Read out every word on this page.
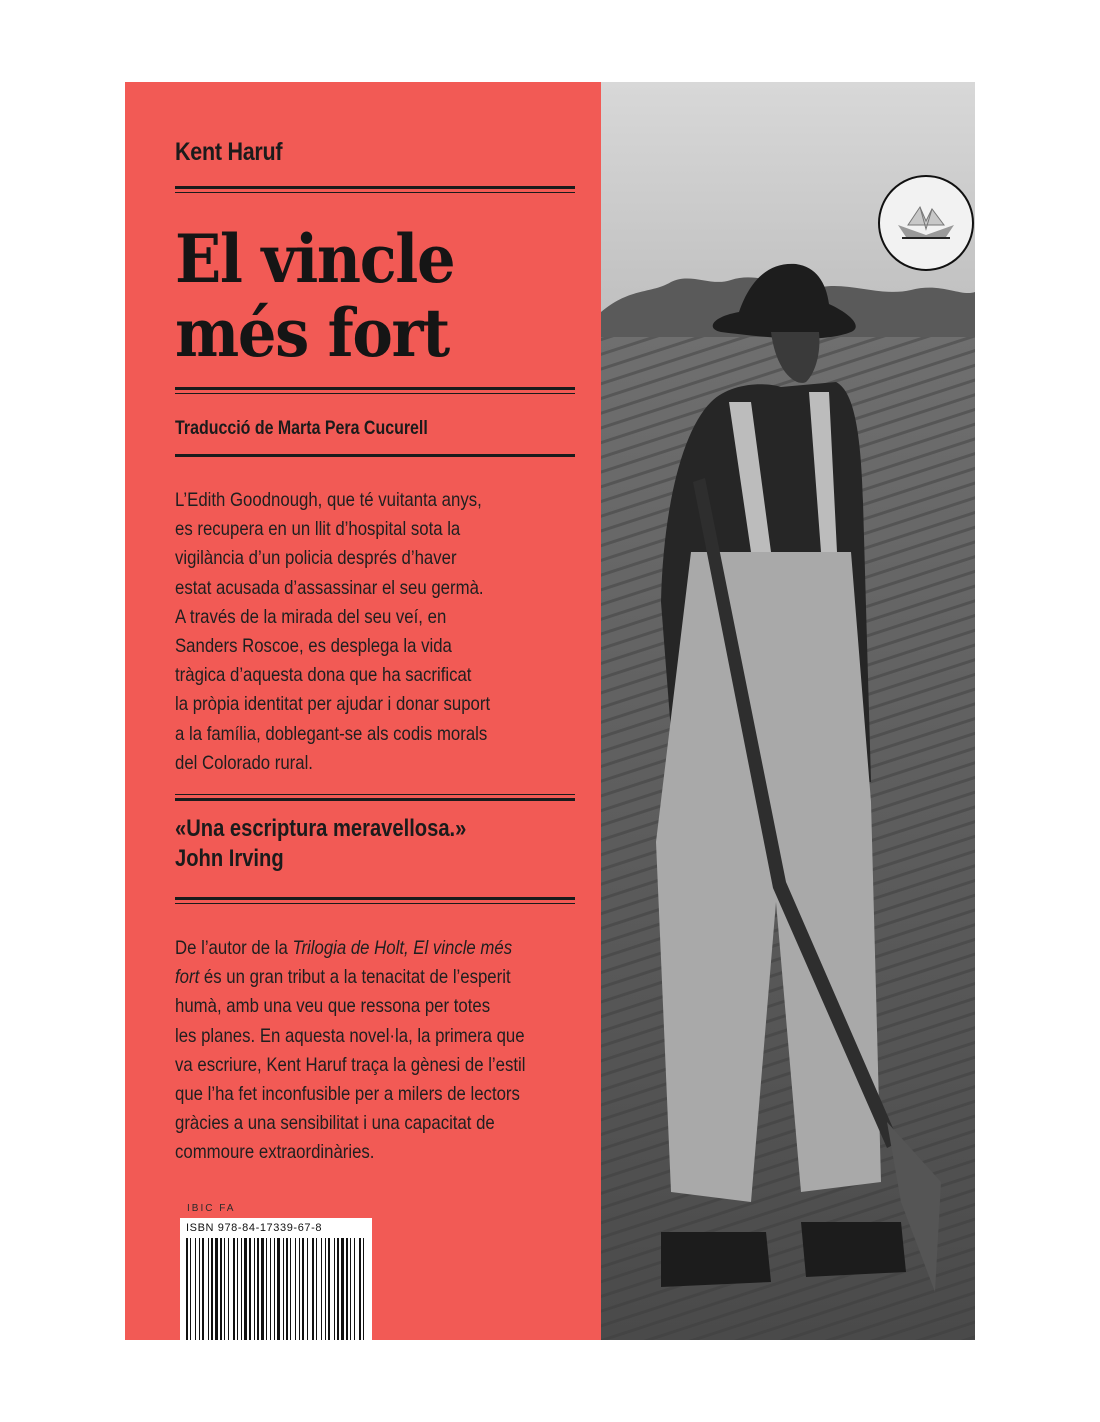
Kent Haruf
El vincle
més fort
Traducció de Marta Pera Cucurell

L’Edith Goodnough, que té vuitanta anys,

es recupera en un llit d’hospital sota la

vigilància d’un policia després d’haver

estat acusada d’assassinar el seu germà.

A través de la mirada del seu veí, en

Sanders Roscoe, es desplega la vida

tràgica d’aquesta dona que ha sacrificat

la pròpia identitat per ajudar i donar suport

a la família, doblegant-se als codis morals

del Colorado rural.

«Una escriptura meravellosa.»
John Irving

De l’autor de la Trilogia de Holt, El vincle més

fort és un gran tribut a la tenacitat de l’esperit

humà, amb una veu que ressona per totes

les planes. En aquesta novel·la, la primera que

va escriure, Kent Haruf traça la gènesi de l’estil

que l’ha fet inconfusible per a milers de lectors

gràcies a una sensibilitat i una capacitat de

commoure extraordinàries.

IBIC FA
ISBN 978-84-17339-67-8
